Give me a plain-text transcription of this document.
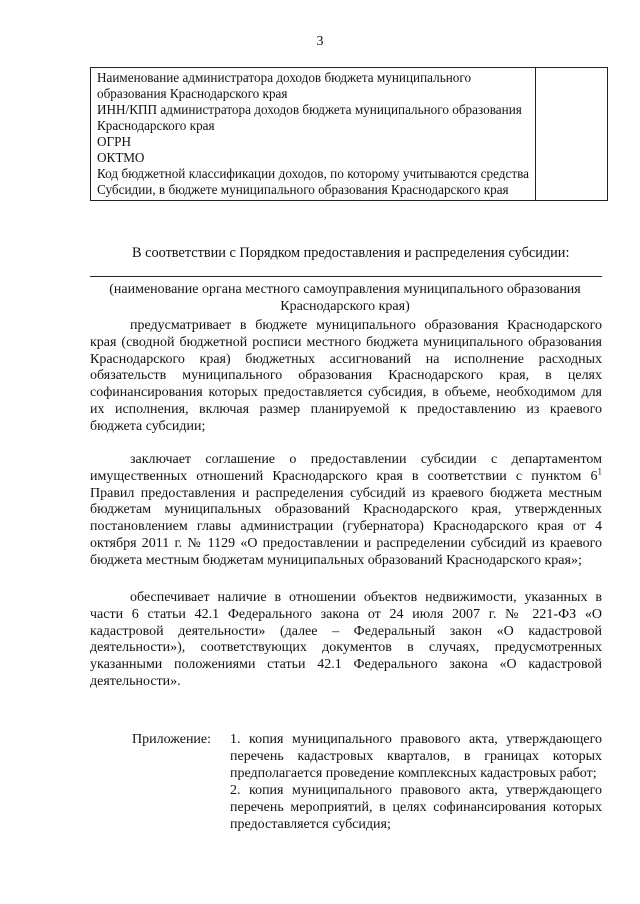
3
Наименование администратора доходов бюджета муниципального образования Краснодарского края
ИНН/КПП администратора доходов бюджета муниципального образования Краснодарского края
ОГРН
ОКТМО
Код бюджетной классификации доходов, по которому учитываются средства Субсидии, в бюджете муниципального образования Краснодарского края

В соответствии с Порядком предоставления и распределения субсидии:
(наименование органа местного самоуправления муниципального образования Краснодарского края)

предусматривает в бюджете муниципального образования Краснодарского края (сводной бюджетной росписи местного бюджета муниципального образования Краснодарского края) бюджетных ассигнований на исполнение расходных обязательств муниципального образования Краснодарского края, в целях софинансирования которых предоставляется субсидия, в объеме, необходимом для их исполнения, включая размер планируемой к предоставлению из краевого бюджета субсидии;

заключает соглашение о предоставлении субсидии с департаментом имущественных отношений Краснодарского края в соответствии с пунктом $6^1$ Правил предоставления и распределения субсидий из краевого бюджета местным бюджетам муниципальных образований Краснодарского края, утвержденных постановлением главы администрации (губернатора) Краснодарского края от 4 октября 2011 г. № 1129 «О предоставлении и распределении субсидий из краевого бюджета местным бюджетам муниципальных образований Краснодарского края»;

обеспечивает наличие в отношении объектов недвижимости, указанных в части 6 статьи 42.1 Федерального закона от 24 июля 2007 г. № 221-ФЗ «О кадастровой деятельности» (далее – Федеральный закон «О кадастровой деятельности»), соответствующих документов в случаях, предусмотренных указанными положениями статьи 42.1 Федерального закона «О кадастровой деятельности».

Приложение: 1. копия муниципального правового акта, утверждающего перечень кадастровых кварталов, в границах которых предполагается проведение комплексных кадастровых работ;

2. копия муниципального правового акта, утверждающего перечень мероприятий, в целях софинансирования которых предоставляется субсидия;
